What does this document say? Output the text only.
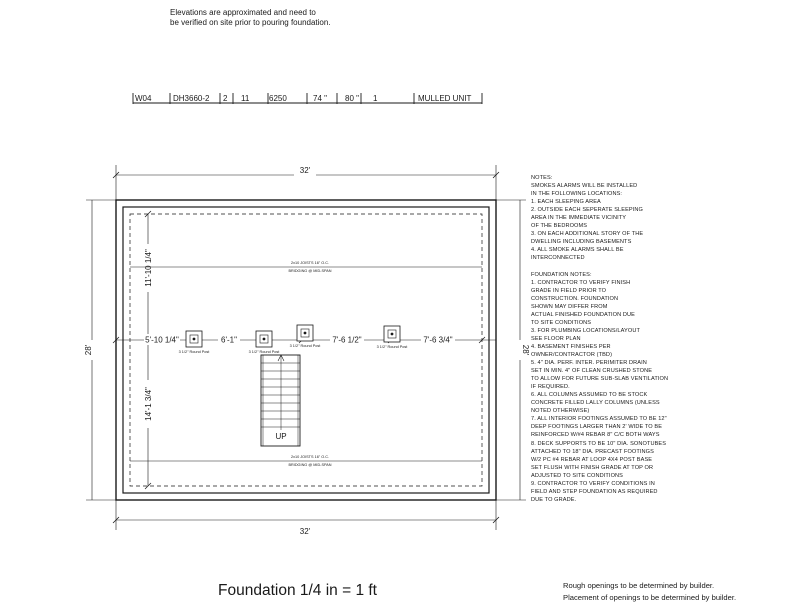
Elevations are approximated and need to
be verified on site prior to pouring foundation.
W04	DH3660-2 2 11 6250	74 " 80 " 1	MULLED UNIT
32'
32'
28'	28'
11'-10 1/4"
14'-1 3/4"
2x10 JOISTS 16" O.C.
BRIDGING @ MID-SPAN
2x10 JOISTS 16" O.C.
BRIDGING @ MID-SPAN
5'-10 1/4"	6'-1"	7'-6 1/2"	7'-6 3/4"
3 1/2" Round Post	3 1/2" Round Post
3 1/2" Round Post	3 1/2" Round Post
UP
NOTES:
SMOKES ALARMS WILL BE INSTALLED
IN THE FOLLOWING LOCATIONS:
1. EACH SLEEPING AREA
2. OUTSIDE EACH SEPERATE SLEEPING
AREA IN THE IMMEDIATE VICINITY
OF THE BEDROOMS
3. ON EACH ADDITIONAL STORY OF THE
DWELLING INCLUDING BASEMENTS
4. ALL SMOKE ALARMS SHALL BE
INTERCONNECTED
FOUNDATION NOTES:
1. CONTRACTOR TO VERIFY FINISH
GRADE IN FIELD PRIOR TO
CONSTRUCTION. FOUNDATION
SHOWN MAY DIFFER FROM
ACTUAL FINISHED FOUNDATION DUE
TO SITE CONDITIONS
3. FOR PLUMBING LOCATIONS/LAYOUT
SEE FLOOR PLAN
4. BASEMENT FINISHES PER
OWNER/CONTRACTOR (TBD)
5. 4" DIA. PERF. INTER. PERIMITER DRAIN
SET IN MIN. 4" OF CLEAN CRUSHED STONE
TO ALLOW FOR FUTURE SUB-SLAB VENTILATION
IF REQUIRED.
6. ALL COLUMNS ASSUMED TO BE STOCK
CONCRETE FILLED LALLY COLUMNS (UNLESS
NOTED OTHERWISE)
7. ALL INTERIOR FOOTINGS ASSUMED TO BE 12"
DEEP FOOTINGS LARGER THAN 2' WIDE TO BE
REINFORCED W/#4 REBAR 8" C/C BOTH WAYS
8. DECK SUPPORTS TO BE 10" DIA. SONOTUBES
ATTACHED TO 18" DIA. PRECAST FOOTINGS
W/2 PC #4 REBAR AT LOOP 4X4 POST BASE
SET FLUSH WITH FINISH GRADE AT TOP OR
ADJUSTED TO SITE CONDITIONS
9. CONTRACTOR TO VERIFY CONDITIONS IN
FIELD AND STEP FOUNDATION AS REQUIRED
DUE TO GRADE.
Foundation 1/4 in = 1 ft	Rough openings to be determined by builder.
Placement of openings to be determined by builder.
